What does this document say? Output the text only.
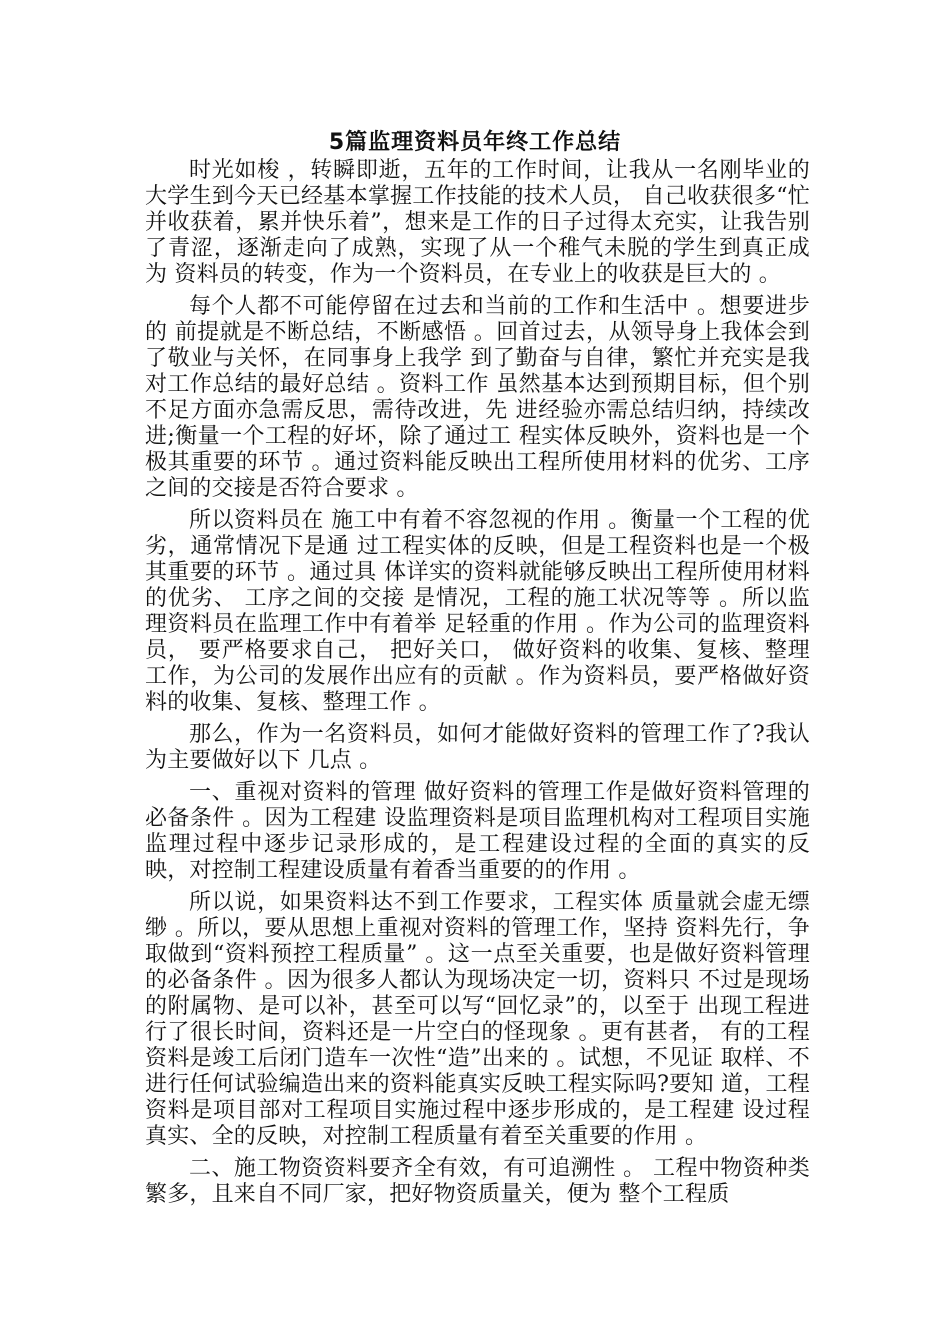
5篇监理资料员年终工作总结

时光如梭 ，转瞬即逝，五年的工作时间，让我从一名刚毕业的 大学生到今天已经基本掌握工作技能的技术人员， 自己收获很多“忙 并收获着，累并快乐着”，想来是工作的日子过得太充实，让我告别 了青涩，逐渐走向了成熟，实现了从一个稚气未脱的学生到真正成为 资料员的转变，作为一个资料员，在专业上的收获是巨大的 。

每个人都不可能停留在过去和当前的工作和生活中 。想要进步的 前提就是不断总结，不断感悟 。回首过去，从领导身上我体会到了敬业与关怀，在同事身上我学 到了勤奋与自律，繁忙并充实是我对工作总结的最好总结 。资料工作 虽然基本达到预期目标，但个别不足方面亦急需反思，需待改进，先 进经验亦需总结归纳，持续改进;衡量一个工程的好坏，除了通过工 程实体反映外，资料也是一个极其重要的环节 。通过资料能反映出工程所使用材料的优劣、工序之间的交接是否符合要求 。

所以资料员在 施工中有着不容忽视的作用 。衡量一个工程的优劣，通常情况下是通 过工程实体的反映，但是工程资料也是一个极其重要的环节 。通过具 体详实的资料就能够反映出工程所使用材料的优劣、 工序之间的交接 是情况，工程的施工状况等等 。所以监理资料员在监理工作中有着举 足轻重的作用 。作为公司的监理资料员， 要严格要求自己， 把好关口， 做好资料的收集、复核、整理工作，为公司的发展作出应有的贡献 。作为资料员，要严格做好资料的收集、复核、整理工作 。

那么，作为一名资料员，如何才能做好资料的管理工作了?我认为主要做好以下 几点 。

一、重视对资料的管理 做好资料的管理工作是做好资料管理的必备条件 。因为工程建 设监理资料是项目监理机构对工程项目实施监理过程中逐步记录形成的，是工程建设过程的全面的真实的反映，对控制工程建设质量有着香当重要的的作用 。

所以说，如果资料达不到工作要求，工程实体 质量就会虚无缥缈 。所以，要从思想上重视对资料的管理工作，坚持 资料先行，争取做到“资料预控工程质量” 。这一点至关重要，也是做好资料管理的必备条件 。因为很多人都认为现场决定一切，资料只 不过是现场的附属物、是可以补，甚至可以写“回忆录”的，以至于 出现工程进行了很长时间，资料还是一片空白的怪现象 。更有甚者， 有的工程资料是竣工后闭门造车一次性“造”出来的 。试想，不见证 取样、不进行任何试验编造出来的资料能真实反映工程实际吗?要知 道，工程资料是项目部对工程项目实施过程中逐步形成的，是工程建 设过程真实、全的反映，对控制工程质量有着至关重要的作用 。

二、施工物资资料要齐全有效，有可追溯性 。 工程中物资种类繁多，且来自不同厂家，把好物资质量关，便为 整个工程质
